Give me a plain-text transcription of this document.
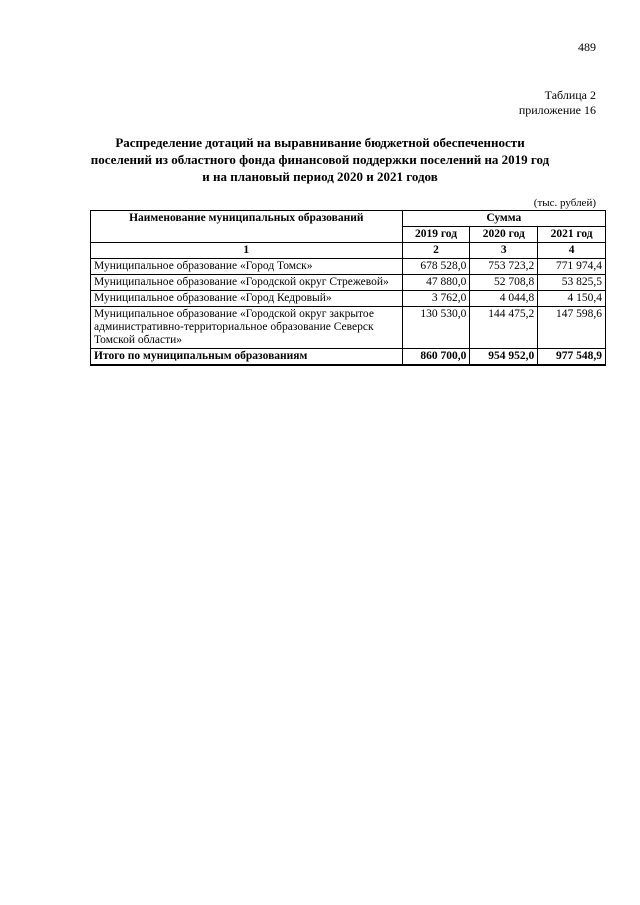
489
Таблица 2
приложение 16
Распределение дотаций на выравнивание бюджетной обеспеченности
поселений из областного фонда финансовой поддержки поселений на 2019 год
и на плановый период 2020 и 2021 годов
(тыс. рублей)
Наименование муниципальных образований	Сумма		
	2019 год	2020 год	2021 год
1	2	3	4
Муниципальное образование «Город Томск»	678 528,0	753 723,2	771 974,4
Муниципальное образование «Городской округ Стрежевой»	47 880,0	52 708,8	53 825,5
Муниципальное образование «Город Кедровый»	3 762,0	4 044,8	4 150,4
Муниципальное образование «Городской округ закрытое административно-территориальное образование Северск Томской области»	130 530,0	144 475,2	147 598,6
Итого по муниципальным образованиям	860 700,0	954 952,0	977 548,9
